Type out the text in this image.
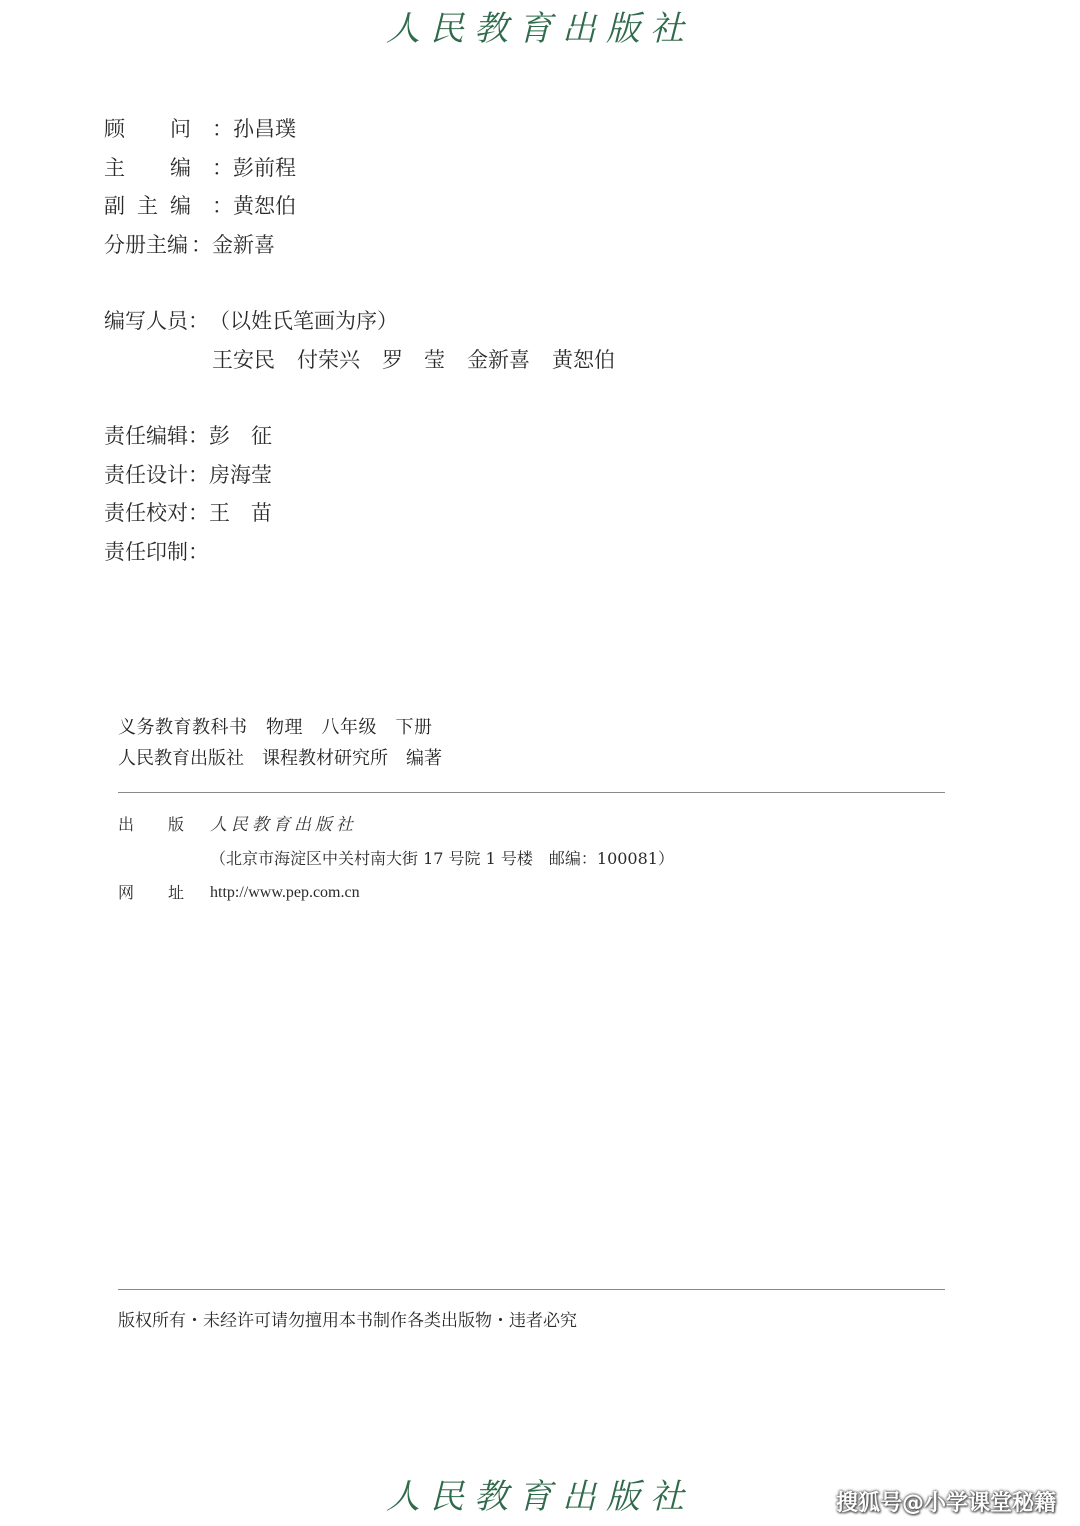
人民教育出版社
顾 问 ： 孙昌璞
主 编 ： 彭前程
副 主 编 ： 黄恕伯
分 册 主 编 ： 金新喜
编写人员 ： （以姓氏笔画为序）
王安民 付荣兴 罗　莹 金新喜 黄恕伯
责任编辑 ： 彭　征
责任设计 ： 房海莹
责任校对 ： 王　苗
责任印制 ：
义务教育教科书　物理　八年级　下册
人民教育出版社　课程教材研究所　编著
出 版 人民教育出版社
（北京市海淀区中关村南大街 17 号院 1 号楼　邮编：100081）
网 址 http://www.pep.com.cn
版权所有・未经许可请勿擅用本书制作各类出版物・违者必究
人民教育出版社	搜狐号@小学课堂秘籍
